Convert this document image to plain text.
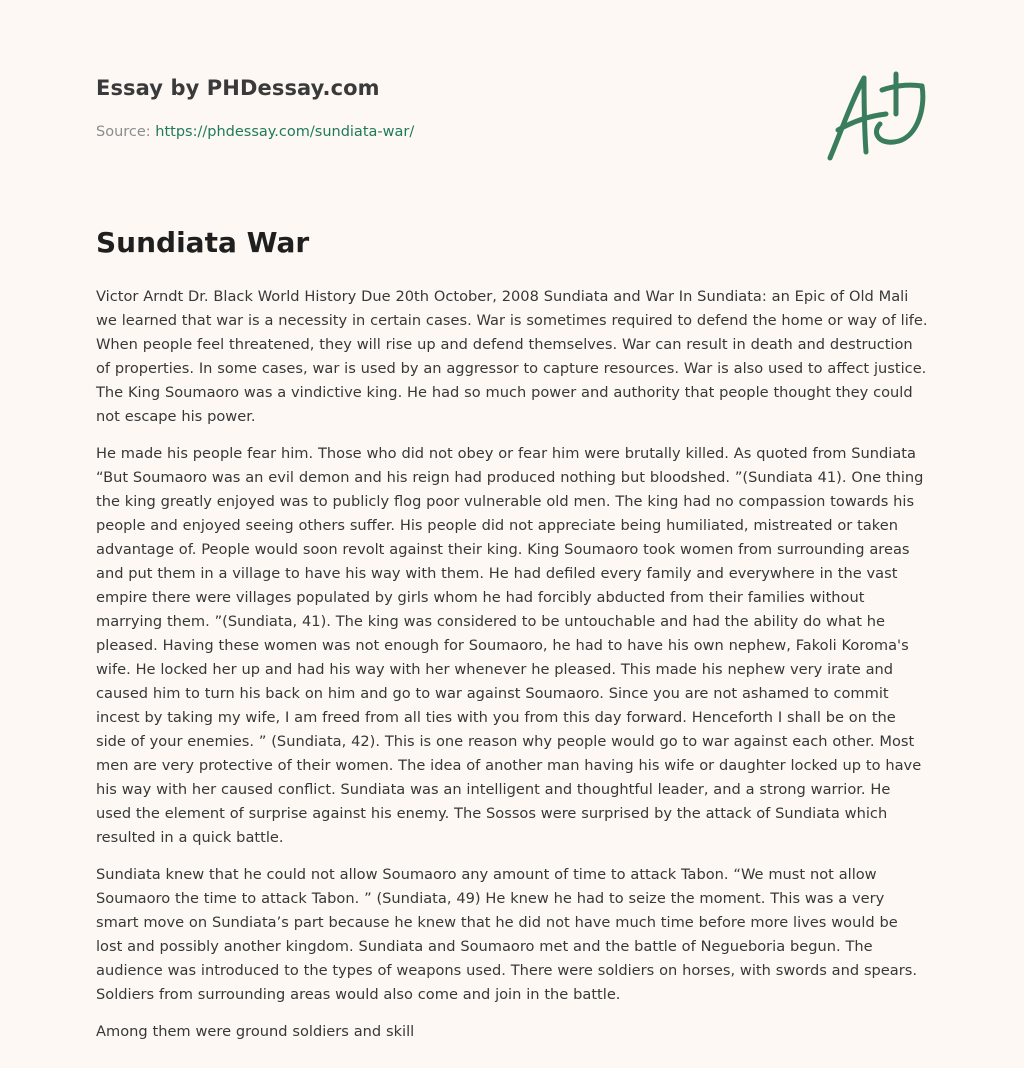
Essay by PHDessay.com
Source: https://phdessay.com/sundiata-war/
Sundiata War

Victor Arndt Dr. Black World History Due 20th October, 2008 Sundiata and War In Sundiata: an Epic of Old Mali we learned that war is a necessity in certain cases. War is sometimes required to defend the home or way of life. When people feel threatened, they will rise up and defend themselves. War can result in death and destruction of properties. In some cases, war is used by an aggressor to capture resources. War is also used to affect justice. The King Soumaoro was a vindictive king. He had so much power and authority that people thought they could not escape his power.

He made his people fear him. Those who did not obey or fear him were brutally killed. As quoted from Sundiata “But Soumaoro was an evil demon and his reign had produced nothing but bloodshed. ”(Sundiata 41). One thing the king greatly enjoyed was to publicly flog poor vulnerable old men. The king had no compassion towards his people and enjoyed seeing others suffer. His people did not appreciate being humiliated, mistreated or taken advantage of. People would soon revolt against their king. King Soumaoro took women from surrounding areas and put them in a village to have his way with them. He had defiled every family and everywhere in the vast empire there were villages populated by girls whom he had forcibly abducted from their families without marrying them. ”(Sundiata, 41). The king was considered to be untouchable and had the ability do what he pleased. Having these women was not enough for Soumaoro, he had to have his own nephew, Fakoli Koroma's wife. He locked her up and had his way with her whenever he pleased. This made his nephew very irate and caused him to turn his back on him and go to war against Soumaoro. Since you are not ashamed to commit incest by taking my wife, I am freed from all ties with you from this day forward. Henceforth I shall be on the side of your enemies. ” (Sundiata, 42). This is one reason why people would go to war against each other. Most men are very protective of their women. The idea of another man having his wife or daughter locked up to have his way with her caused conflict. Sundiata was an intelligent and thoughtful leader, and a strong warrior. He used the element of surprise against his enemy. The Sossos were surprised by the attack of Sundiata which resulted in a quick battle.

Sundiata knew that he could not allow Soumaoro any amount of time to attack Tabon. “We must not allow Soumaoro the time to attack Tabon. ” (Sundiata, 49) He knew he had to seize the moment. This was a very smart move on Sundiata’s part because he knew that he did not have much time before more lives would be lost and possibly another kingdom. Sundiata and Soumaoro met and the battle of Negueboria begun. The audience was introduced to the types of weapons used. There were soldiers on horses, with swords and spears. Soldiers from surrounding areas would also come and join in the battle.

Among them were ground soldiers and skill
